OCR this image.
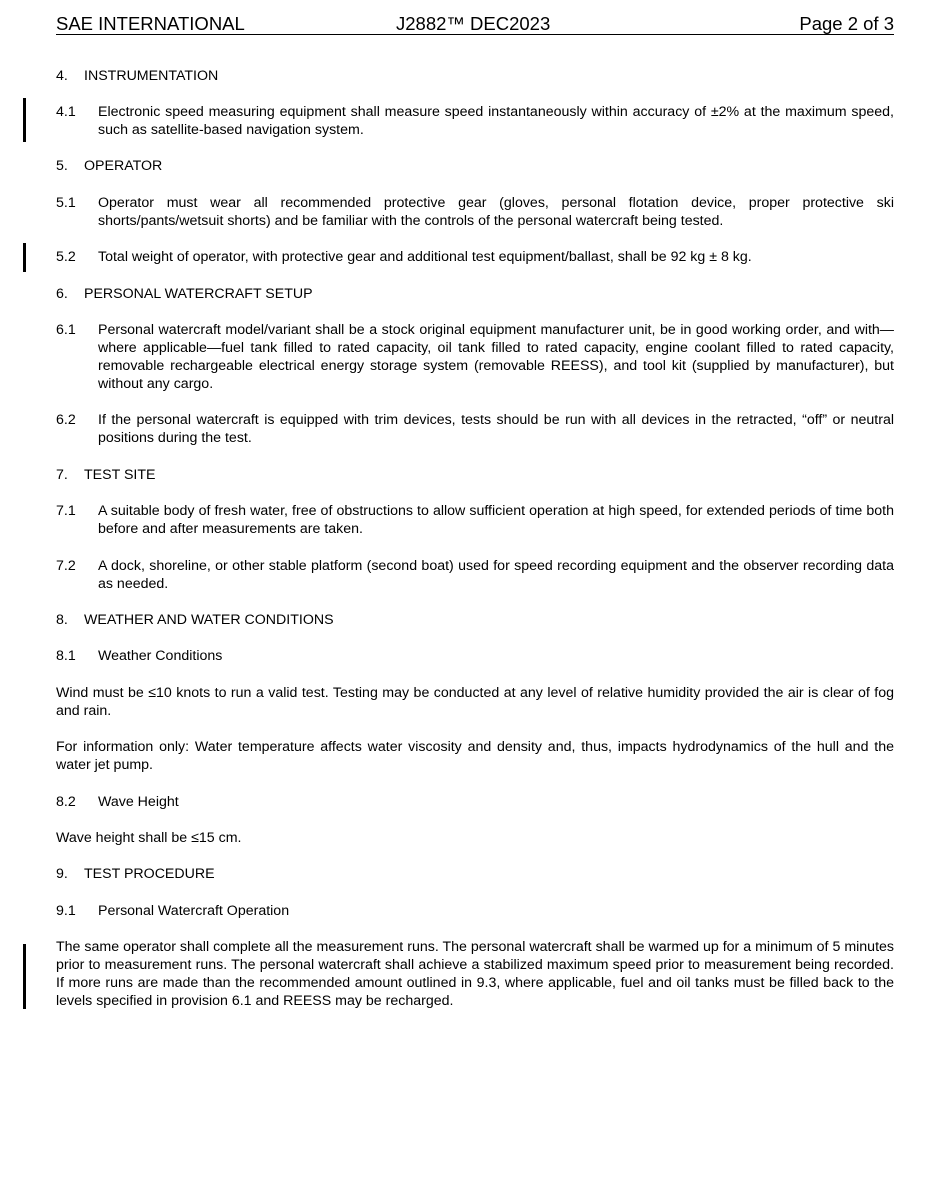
SAE INTERNATIONAL	J2882™ DEC2023	Page 2 of 3
4. INSTRUMENTATION
4.1 Electronic speed measuring equipment shall measure speed instantaneously within accuracy of ±2% at the maximum speed, such as satellite-based navigation system.
5. OPERATOR
5.1 Operator must wear all recommended protective gear (gloves, personal flotation device, proper protective ski shorts/pants/wetsuit shorts) and be familiar with the controls of the personal watercraft being tested.
5.2 Total weight of operator, with protective gear and additional test equipment/ballast, shall be 92 kg ± 8 kg.
6. PERSONAL WATERCRAFT SETUP
6.1 Personal watercraft model/variant shall be a stock original equipment manufacturer unit, be in good working order, and with—where applicable—fuel tank filled to rated capacity, oil tank filled to rated capacity, engine coolant filled to rated capacity, removable rechargeable electrical energy storage system (removable REESS), and tool kit (supplied by manufacturer), but without any cargo.
6.2 If the personal watercraft is equipped with trim devices, tests should be run with all devices in the retracted, “off” or neutral positions during the test.
7. TEST SITE
7.1 A suitable body of fresh water, free of obstructions to allow sufficient operation at high speed, for extended periods of time both before and after measurements are taken.
7.2 A dock, shoreline, or other stable platform (second boat) used for speed recording equipment and the observer recording data as needed.
8. WEATHER AND WATER CONDITIONS
8.1 Weather Conditions
Wind must be ≤10 knots to run a valid test. Testing may be conducted at any level of relative humidity provided the air is clear of fog and rain.
For information only: Water temperature affects water viscosity and density and, thus, impacts hydrodynamics of the hull and the water jet pump.
8.2 Wave Height
Wave height shall be ≤15 cm.
9. TEST PROCEDURE
9.1 Personal Watercraft Operation
The same operator shall complete all the measurement runs. The personal watercraft shall be warmed up for a minimum of 5 minutes prior to measurement runs. The personal watercraft shall achieve a stabilized maximum speed prior to measurement being recorded. If more runs are made than the recommended amount outlined in 9.3, where applicable, fuel and oil tanks must be filled back to the levels specified in provision 6.1 and REESS may be recharged.
